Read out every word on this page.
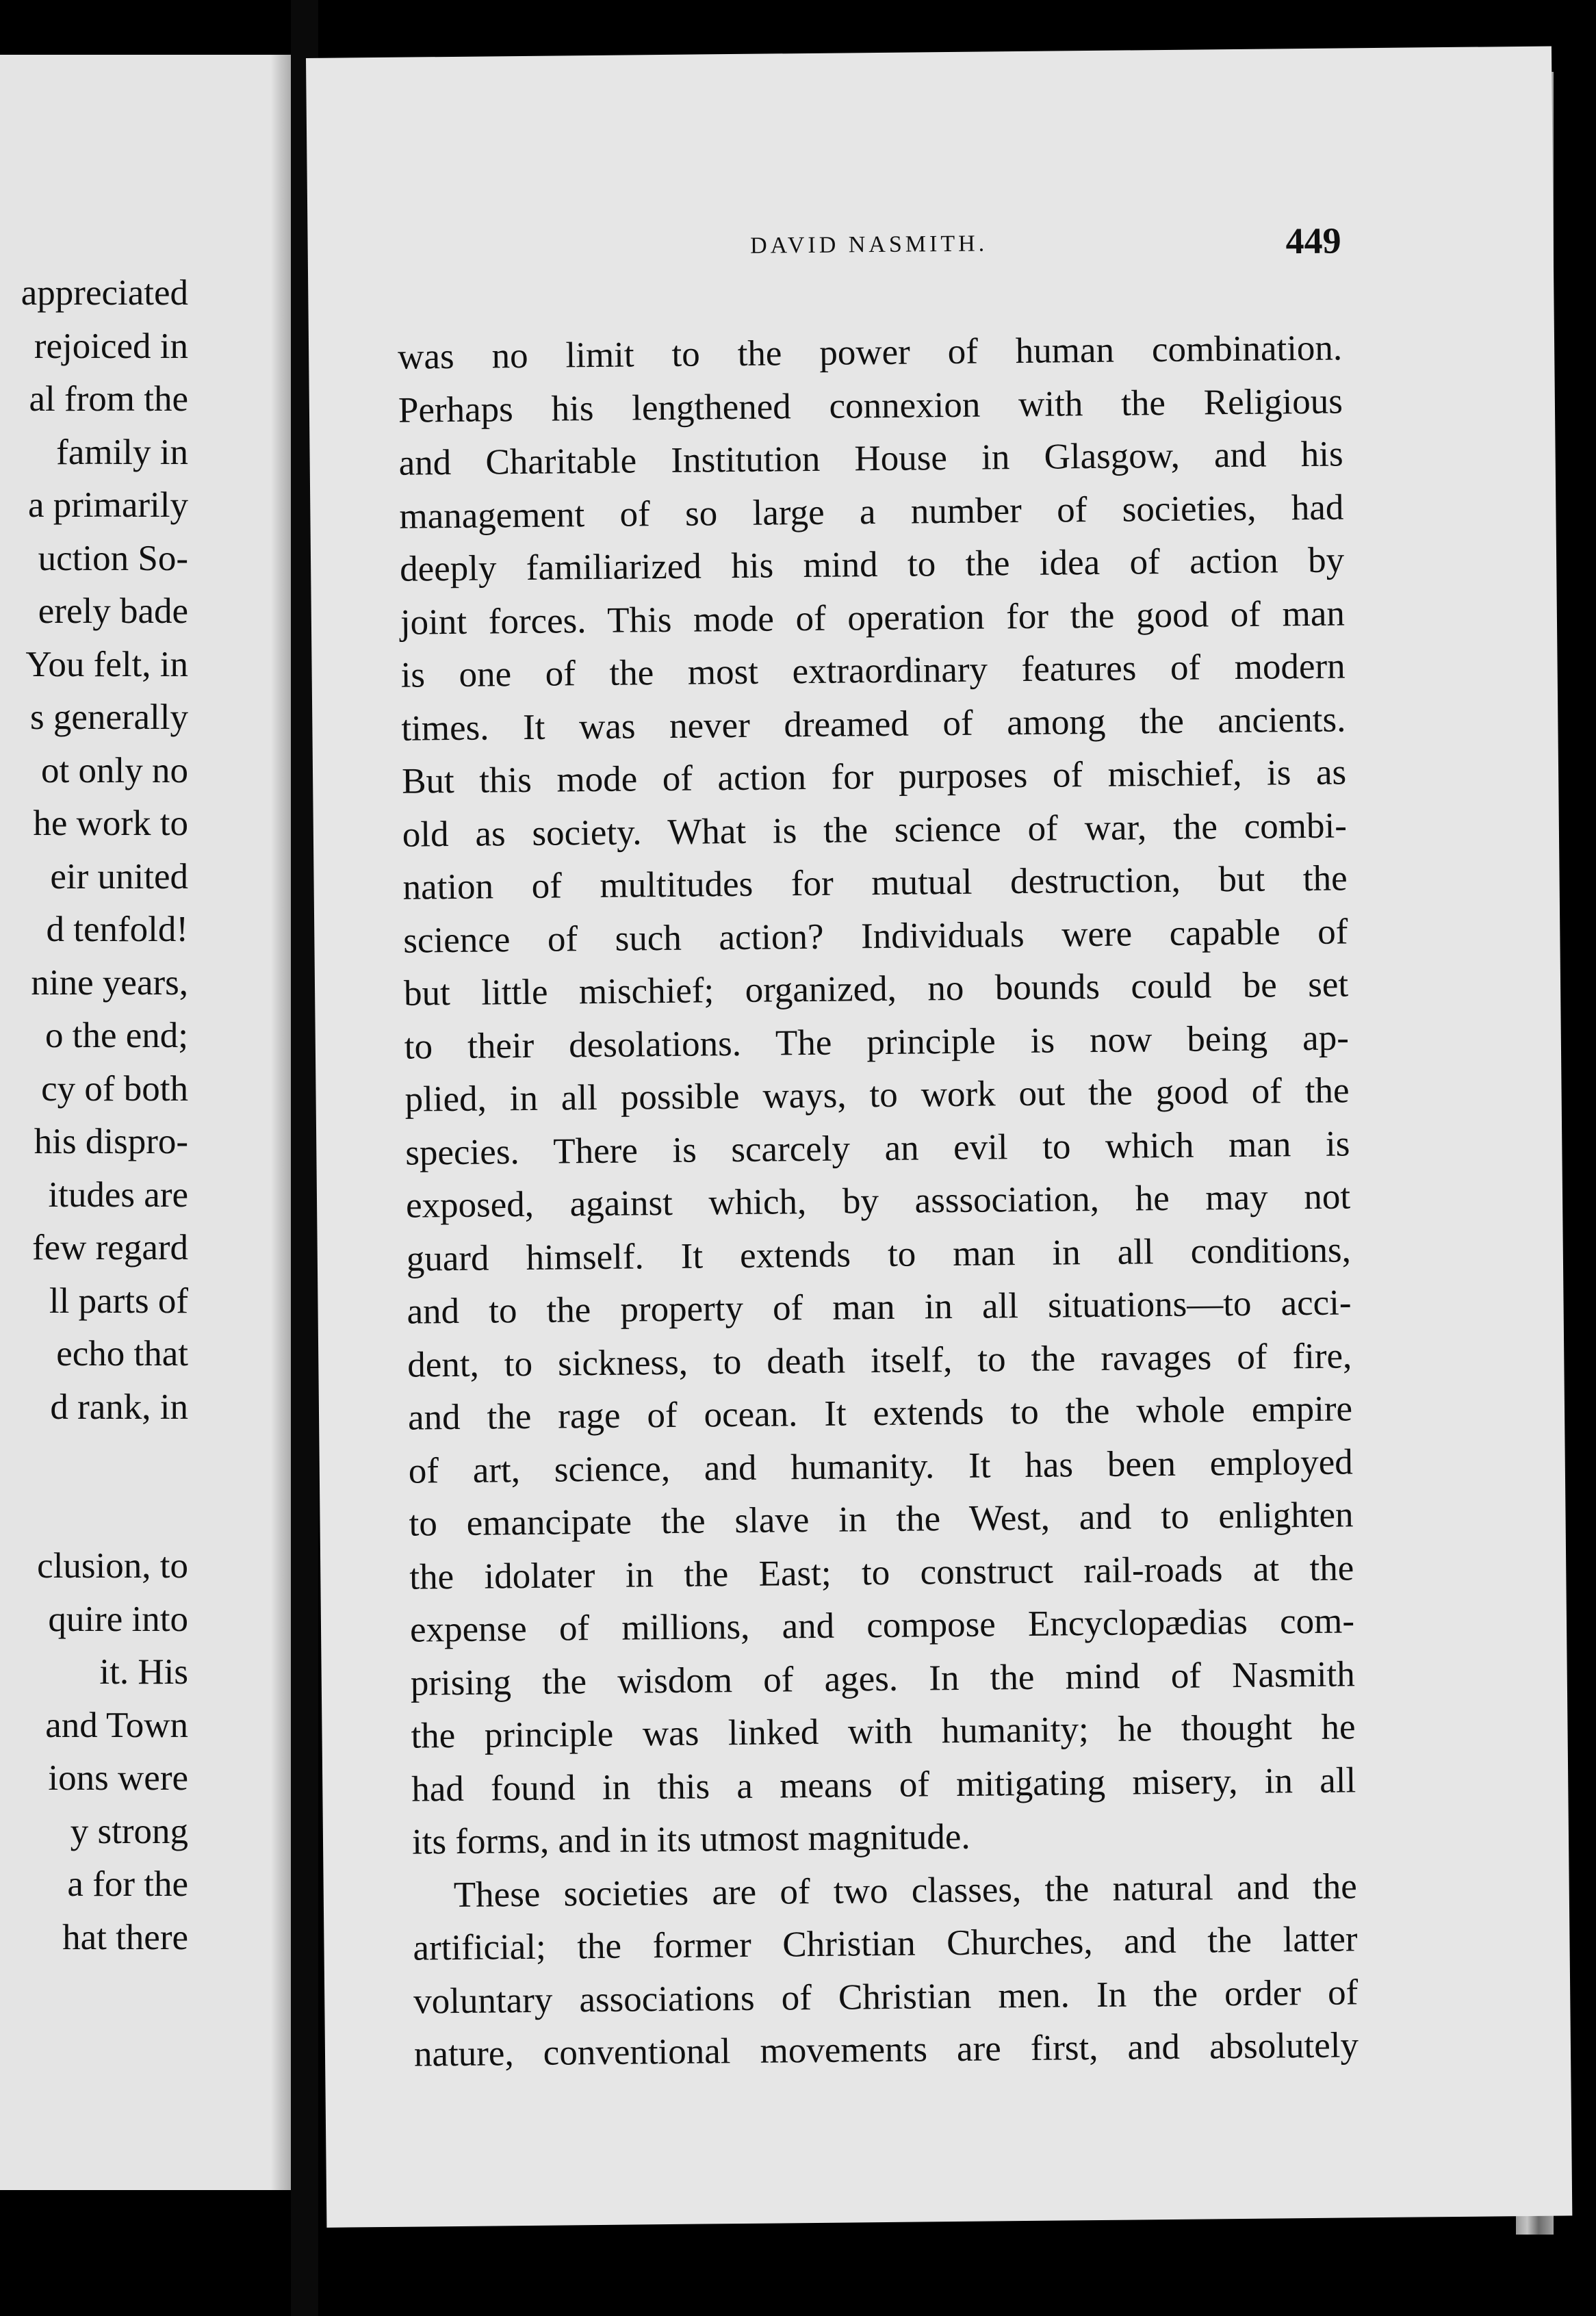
appreciated
rejoiced in
al from the
family in
a primarily
uction So-
erely bade
You felt, in
s generally
ot only no
he work to
eir united
d tenfold!
nine years,
o the end;
cy of both
his dispro-
itudes are
few regard
ll parts of
echo that
d rank, in
clusion, to
quire into
it. His
and Town
ions were
y strong
a for the
hat there
DAVID NASMITH.	449
was no limit to the power of human combination.
Perhaps his lengthened connexion with the Religious
and Charitable Institution House in Glasgow, and his
management of so large a number of societies, had
deeply familiarized his mind to the idea of action by
joint forces. This mode of operation for the good of man
is one of the most extraordinary features of modern
times. It was never dreamed of among the ancients.
But this mode of action for purposes of mischief, is as
old as society. What is the science of war, the combi-
nation of multitudes for mutual destruction, but the
science of such action? Individuals were capable of
but little mischief; organized, no bounds could be set
to their desolations. The principle is now being ap-
plied, in all possible ways, to work out the good of the
species. There is scarcely an evil to which man is
exposed, against which, by asssociation, he may not
guard himself. It extends to man in all conditions,
and to the property of man in all situations—to acci-
dent, to sickness, to death itself, to the ravages of fire,
and the rage of ocean. It extends to the whole empire
of art, science, and humanity. It has been employed
to emancipate the slave in the West, and to enlighten
the idolater in the East; to construct rail-roads at the
expense of millions, and compose Encyclopædias com-
prising the wisdom of ages. In the mind of Nasmith
the principle was linked with humanity; he thought he
had found in this a means of mitigating misery, in all
its forms, and in its utmost magnitude.
These societies are of two classes, the natural and the
artificial; the former Christian Churches, and the latter
voluntary associations of Christian men. In the order of
nature, conventional movements are first, and absolutely
